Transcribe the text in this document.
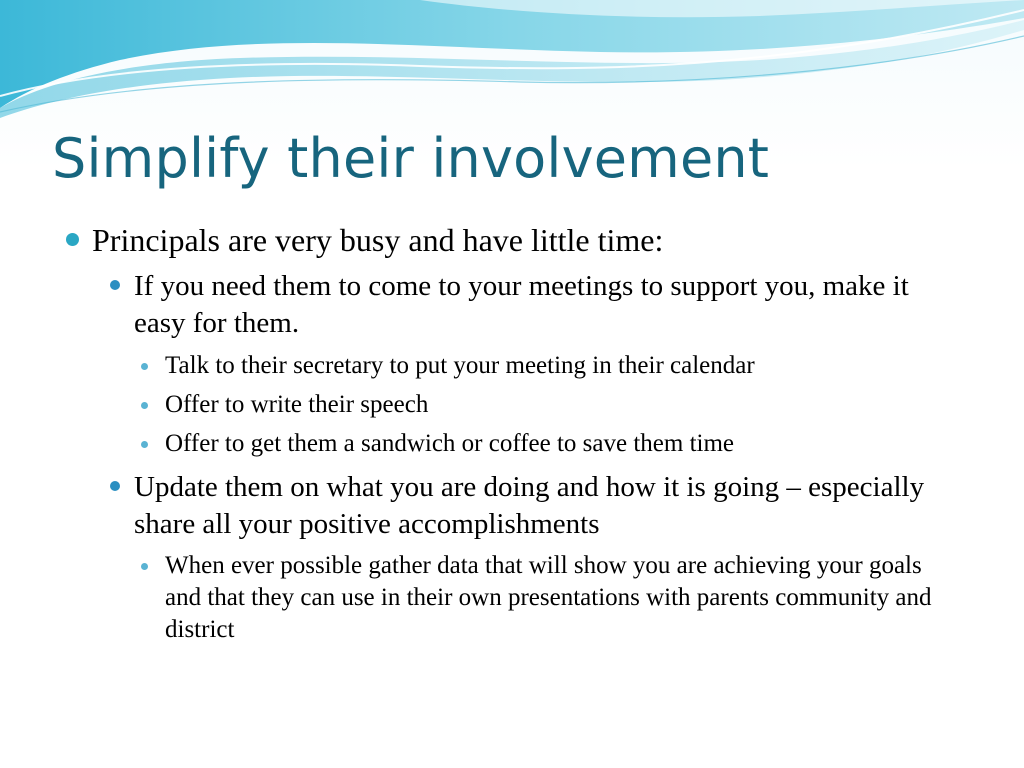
Simplify their involvement
Principals are very busy and have little time:
If you need them to come to your meetings to support you, make it easy for them.
Talk to their secretary to put your meeting in their calendar
Offer to write their speech
Offer to get them a sandwich or coffee to save them time
Update them on what you are doing and how it is going – especially share all your positive accomplishments
When ever possible gather data that will show you are achieving your goals and that they can use in their own presentations with parents community and district
